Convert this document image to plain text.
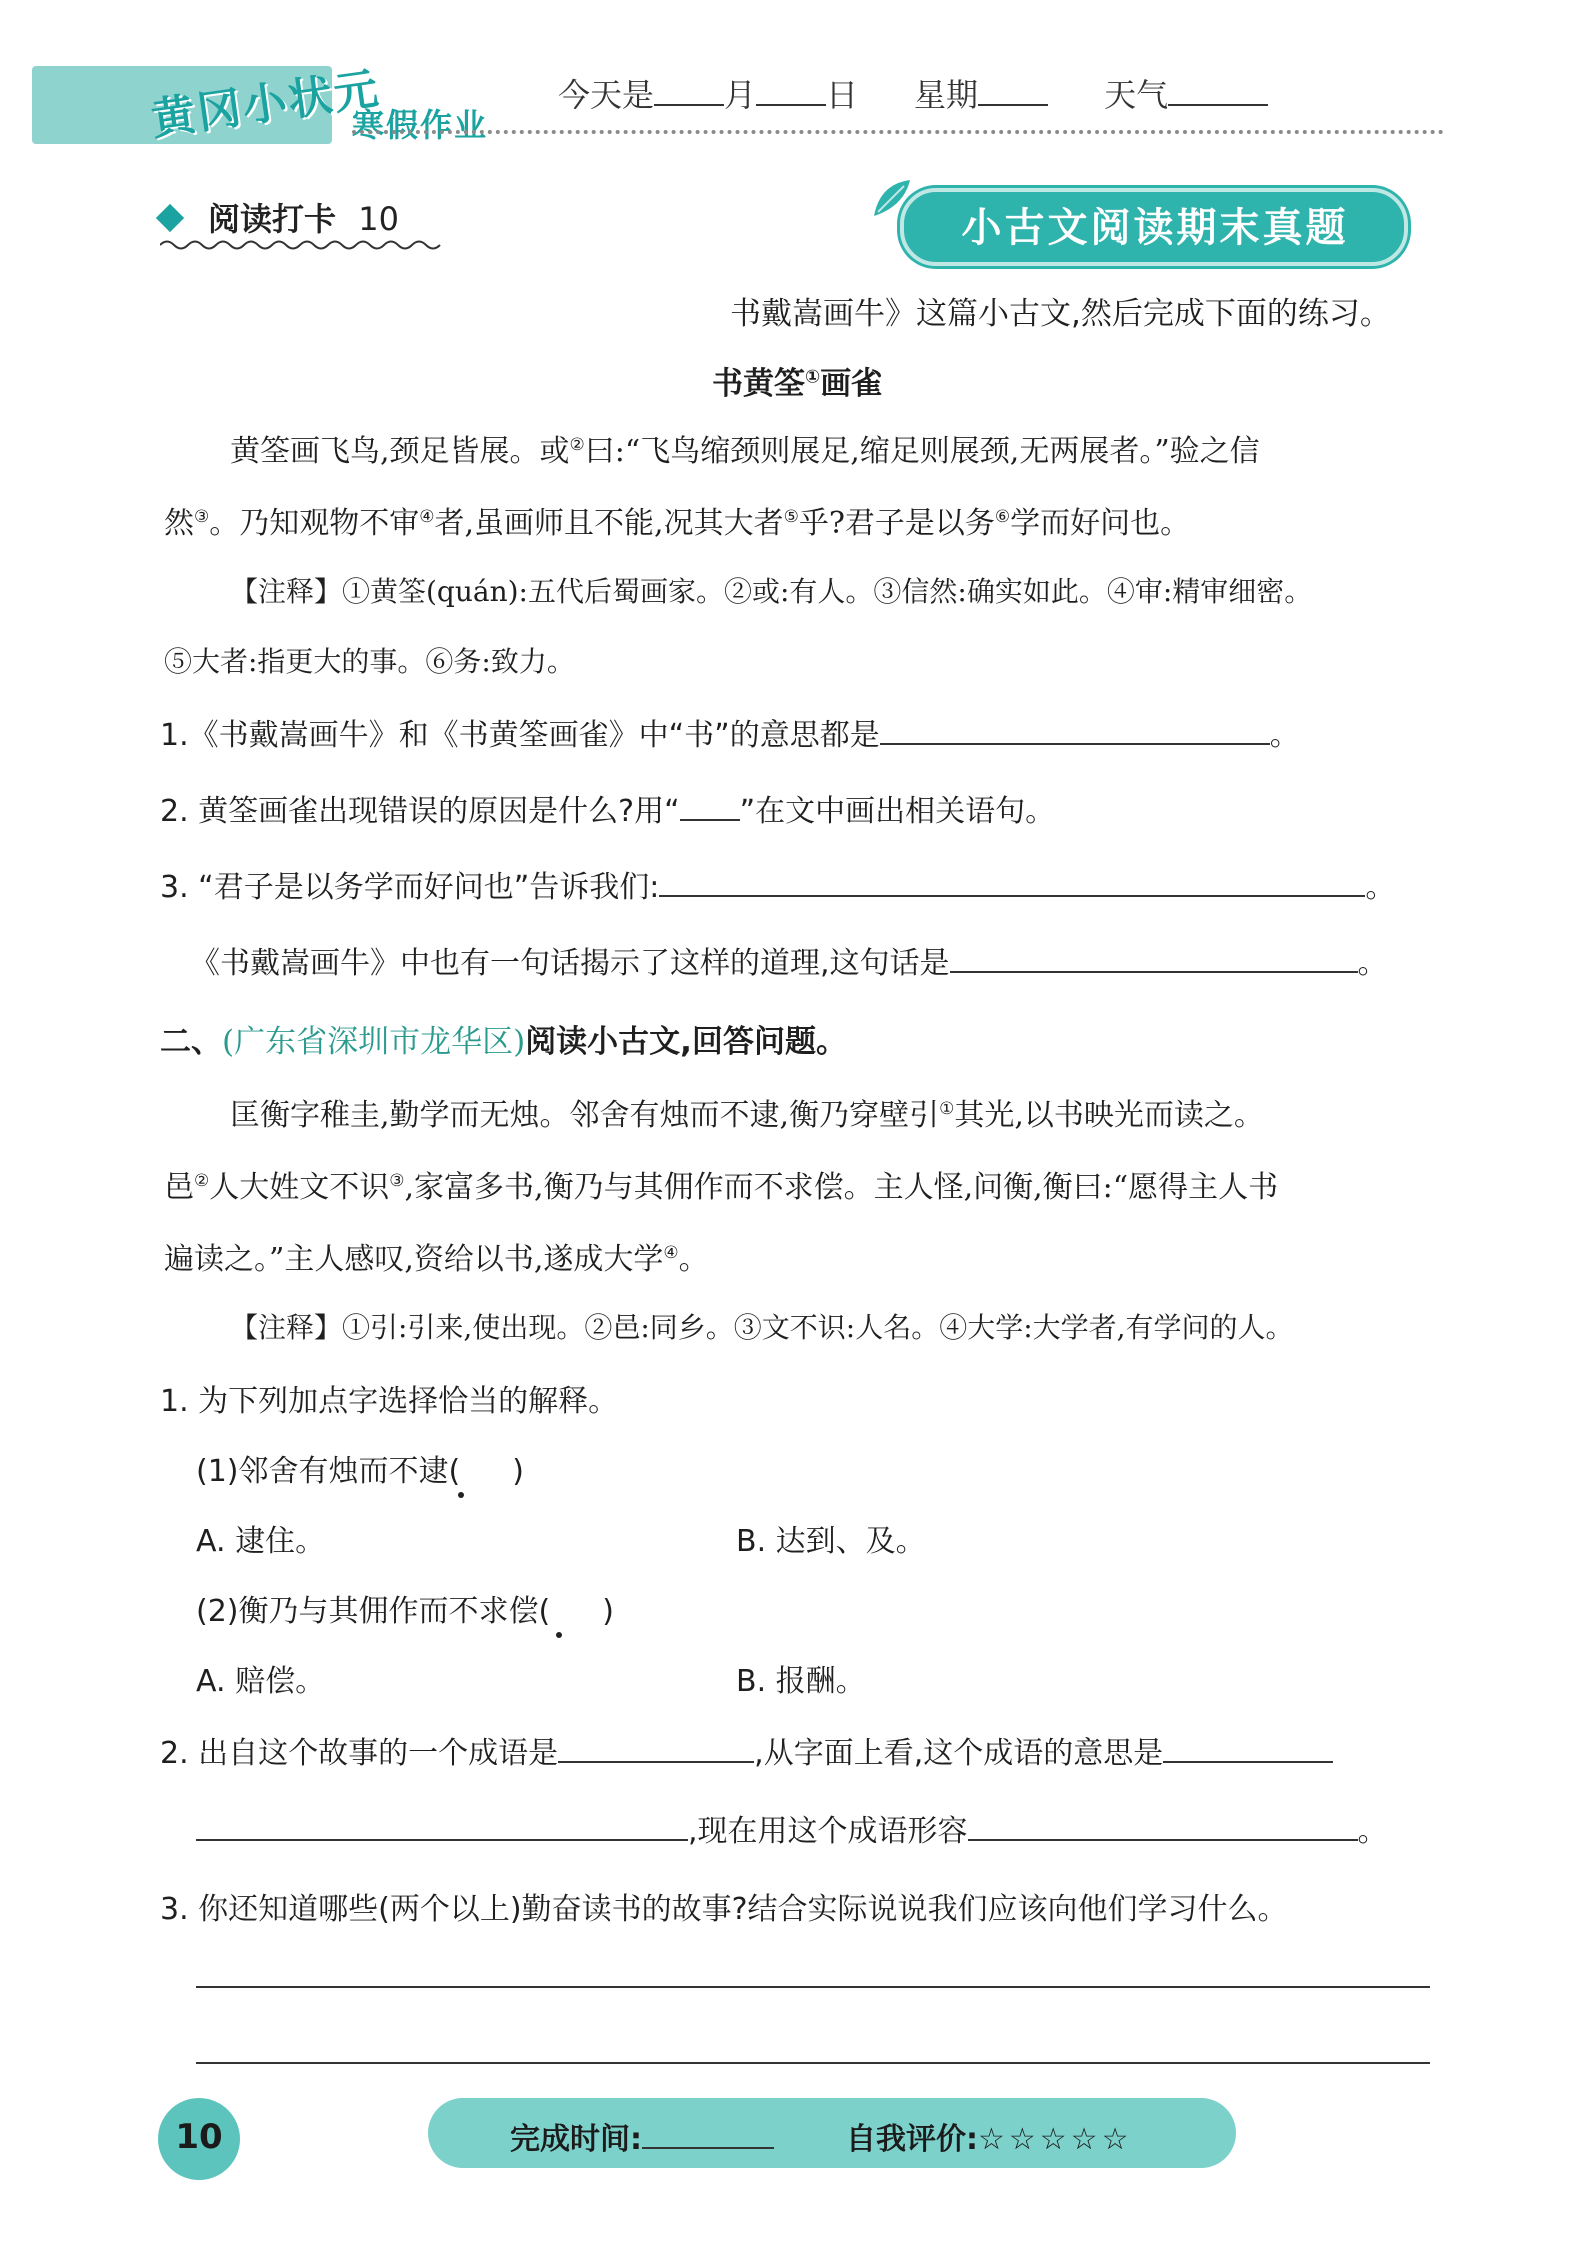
黄冈小状元
寒假作业
今天是 月 日 星期	天气
阅读打卡 10	小古文阅读期末真题
书戴嵩画牛》这篇小古文,然后完成下面的练习。
书黄筌①画雀
黄筌画飞鸟,颈足皆展。或②曰:“飞鸟缩颈则展足,缩足则展颈,无两展者。”验之信
然③。乃知观物不审④者,虽画师且不能,况其大者⑤乎?君子是以务⑥学而好问也。
【注释】①黄筌(quán):五代后蜀画家。②或:有人。③信然:确实如此。④审:精审细密。
⑤大者:指更大的事。⑥务:致力。
1.《书戴嵩画牛》和《书黄筌画雀》中“书”的意思都是	。
2. 黄筌画雀出现错误的原因是什么?用“ ”在文中画出相关语句。
3. “君子是以务学而好问也”告诉我们:	。
《书戴嵩画牛》中也有一句话揭示了这样的道理,这句话是	。
二、(广东省深圳市龙华区)阅读小古文,回答问题。
匡衡字稚圭,勤学而无烛。邻舍有烛而不逮,衡乃穿壁引①其光,以书映光而读之。
邑②人大姓文不识③,家富多书,衡乃与其佣作而不求偿。主人怪,问衡,衡曰:“愿得主人书
遍读之。”主人感叹,资给以书,遂成大学④。
【注释】①引:引来,使出现。②邑:同乡。③文不识:人名。④大学:大学者,有学问的人。
1. 为下列加点字选择恰当的解释。
(1)邻舍有烛而不逮( )
A. 逮住。	B. 达到、及。
(2)衡乃与其佣作而不求偿( )
A. 赔偿。	B. 报酬。
2. 出自这个故事的一个成语是	,从字面上看,这个成语的意思是
,现在用这个成语形容	。
3. 你还知道哪些(两个以上)勤奋读书的故事?结合实际说说我们应该向他们学习什么。
10	完成时间:	自我评价:☆☆☆☆☆
